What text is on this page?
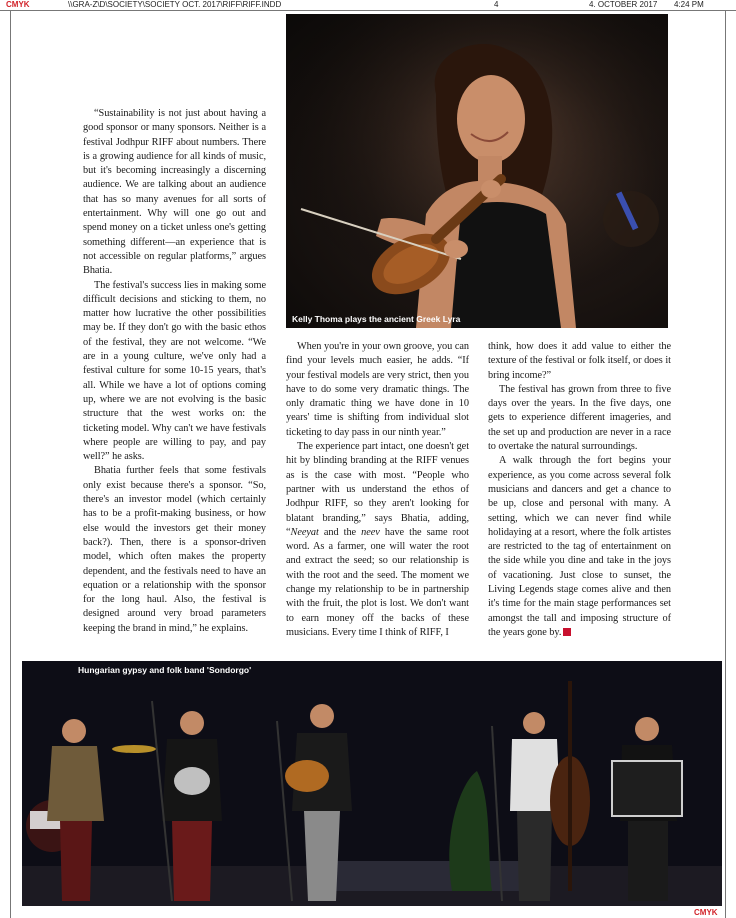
CMYK	\\GRA-Z\D\SOCIETY\SOCIETY OCT. 2017\RIFF\RIFF.INDD	4	4. OCTOBER 2017 4:24 PM
Kelly Thoma plays the ancient Greek Lyra

“Sustainability is not just about having a good sponsor or many sponsors. Neither is a festival Jodhpur RIFF about numbers. There is a growing audience for all kinds of music, but it's becoming increasingly a discerning audience. We are talking about an audience that has so many avenues for all sorts of entertainment. Why will one go out and spend money on a ticket unless one's getting something different—an experience that is not accessible on regular platforms,” argues Bhatia.

The festival's success lies in making some difficult decisions and sticking to them, no matter how lucrative the other possibilities may be. If they don't go with the basic ethos of the festival, they are not welcome. “We are in a young culture, we've only had a festival culture for some 10-15 years, that's all. While we have a lot of options coming up, where we are not evolving is the basic structure that the west works on: the ticketing model. Why can't we have festivals where people are willing to pay, and pay well?” he asks.

Bhatia further feels that some festivals only exist because there's a sponsor. “So, there's an investor model (which certainly has to be a profit-making business, or how else would the investors get their money back?). Then, there is a sponsor-driven model, which often makes the property dependent, and the festivals need to have an equation or a relationship with the sponsor for the long haul. Also, the festival is designed around very broad parameters keeping the brand in mind,” he explains.

When you're in your own groove, you can find your levels much easier, he adds. “If your festival models are very strict, then you have to do some very dramatic things. The only dramatic thing we have done in 10 years' time is shifting from individual slot ticketing to day pass in our ninth year.”

The experience part intact, one doesn't get hit by blinding branding at the RIFF venues as is the case with most. “People who partner with us understand the ethos of Jodhpur RIFF, so they aren't looking for blatant branding,” says Bhatia, adding, “Neeyat and the neev have the same root word. As a farmer, one will water the root and extract the seed; so our relationship is with the root and the seed. The moment we change my relationship to be in partnership with the fruit, the plot is lost. We don't want to earn money off the backs of these musicians. Every time I think of RIFF, I

think, how does it add value to either the texture of the festival or folk itself, or does it bring income?”

The festival has grown from three to five days over the years. In the five days, one gets to experience different imageries, and the set up and production are never in a race to overtake the natural surroundings.

A walk through the fort begins your experience, as you come across several folk musicians and dancers and get a chance to be up, close and personal with many. A setting, which we can never find while holidaying at a resort, where the folk artistes are restricted to the tag of entertainment on the side while you dine and take in the joys of vacationing. Just close to sunset, the Living Legends stage comes alive and then it's time for the main stage performances set amongst the tall and imposing structure of the years gone by.

Hungarian gypsy and folk band 'Sondorgo'
CMYK
